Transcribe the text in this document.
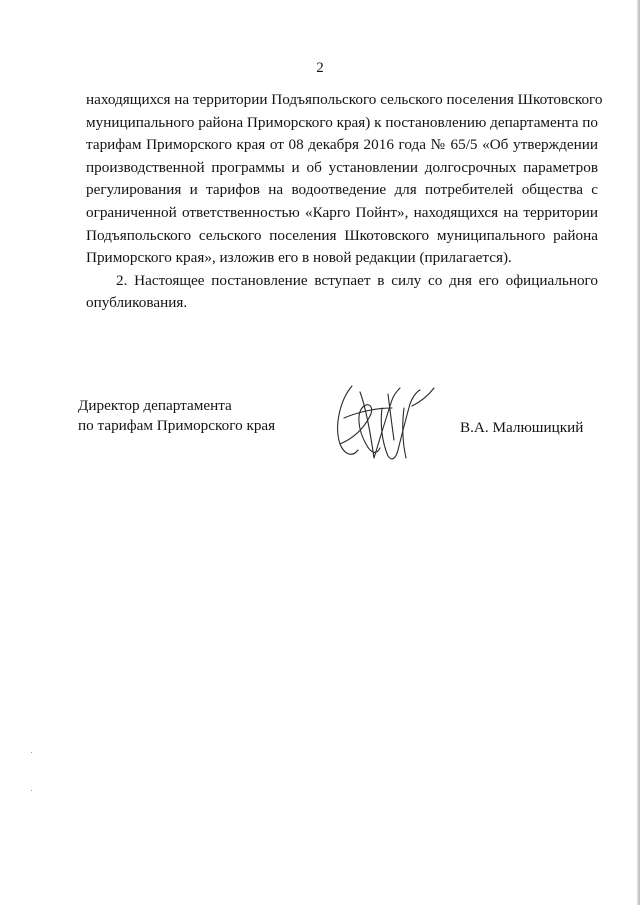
2
находящихся на территории Подъяпольского сельского поселения Шкотовского
муниципального района Приморского края) к постановлению департамента по
тарифам Приморского края от 08 декабря 2016 года № 65/5 «Об утверждении
производственной программы и об установлении долгосрочных параметров
регулирования и тарифов на водоотведение для потребителей общества с
ограниченной ответственностью «Карго Пойнт», находящихся на территории
Подъяпольского сельского поселения Шкотовского муниципального района
Приморского края», изложив его в новой редакции (прилагается).
2. Настоящее постановление вступает в силу со дня его официального
опубликования.
Директор департамента
по тарифам Приморского края	В.А. Малюшицкий
